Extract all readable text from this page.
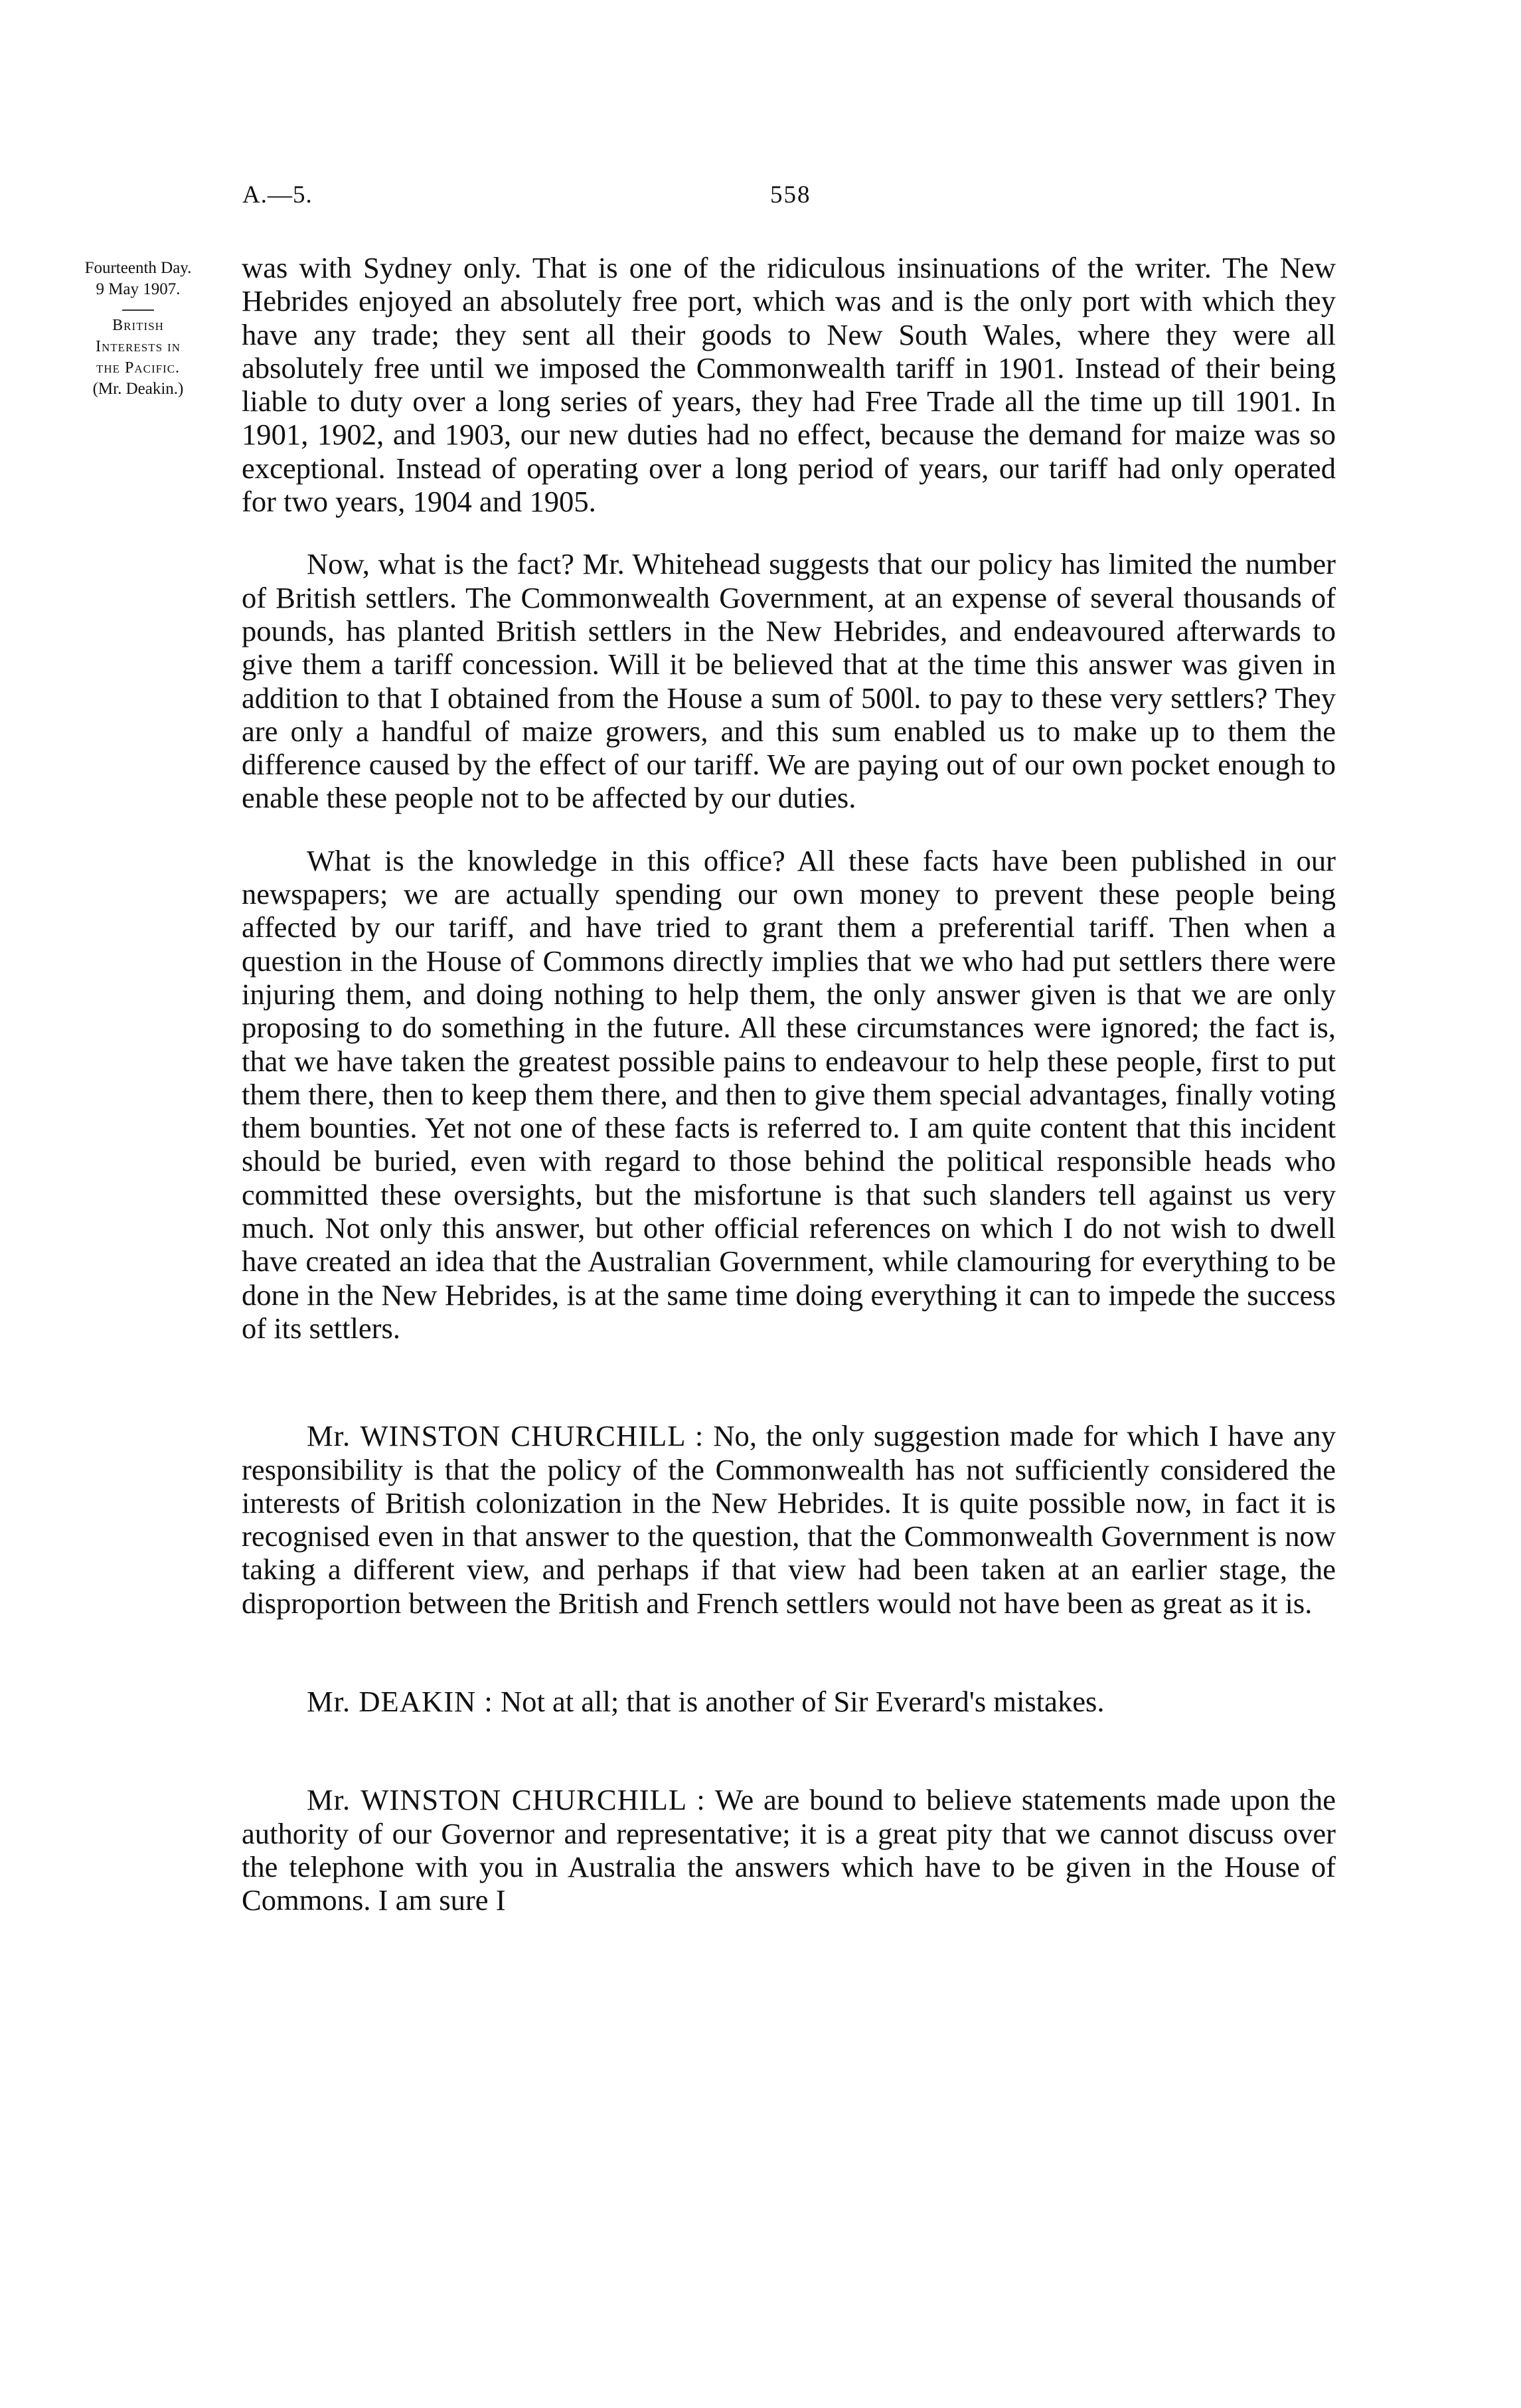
A.—5.	558
Fourteenth Day.
9 May 1907.
British
Interests in
the Pacific.
(Mr. Deakin.)

was with Sydney only. That is one of the ridiculous insinuations of the writer. The New Hebrides enjoyed an absolutely free port, which was and is the only port with which they have any trade; they sent all their goods to New South Wales, where they were all absolutely free until we imposed the Commonwealth tariff in 1901. Instead of their being liable to duty over a long series of years, they had Free Trade all the time up till 1901. In 1901, 1902, and 1903, our new duties had no effect, because the demand for maize was so exceptional. Instead of operating over a long period of years, our tariff had only operated for two years, 1904 and 1905.

Now, what is the fact? Mr. Whitehead suggests that our policy has limited the number of British settlers. The Commonwealth Government, at an expense of several thousands of pounds, has planted British settlers in the New Hebrides, and endeavoured afterwards to give them a tariff concession. Will it be believed that at the time this answer was given in addition to that I obtained from the House a sum of 500l. to pay to these very settlers? They are only a handful of maize growers, and this sum enabled us to make up to them the difference caused by the effect of our tariff. We are paying out of our own pocket enough to enable these people not to be affected by our duties.

What is the knowledge in this office? All these facts have been published in our newspapers; we are actually spending our own money to prevent these people being affected by our tariff, and have tried to grant them a preferential tariff. Then when a question in the House of Commons directly implies that we who had put settlers there were injuring them, and doing nothing to help them, the only answer given is that we are only proposing to do something in the future. All these circumstances were ignored; the fact is, that we have taken the greatest possible pains to endeavour to help these people, first to put them there, then to keep them there, and then to give them special advantages, finally voting them bounties. Yet not one of these facts is referred to. I am quite content that this incident should be buried, even with regard to those behind the political responsible heads who committed these oversights, but the misfortune is that such slanders tell against us very much. Not only this answer, but other official references on which I do not wish to dwell have created an idea that the Australian Government, while clamouring for everything to be done in the New Hebrides, is at the same time doing everything it can to impede the success of its settlers.

Mr. WINSTON CHURCHILL : No, the only suggestion made for which I have any responsibility is that the policy of the Commonwealth has not sufficiently considered the interests of British colonization in the New Hebrides. It is quite possible now, in fact it is recognised even in that answer to the question, that the Commonwealth Government is now taking a different view, and perhaps if that view had been taken at an earlier stage, the disproportion between the British and French settlers would not have been as great as it is.

Mr. DEAKIN : Not at all; that is another of Sir Everard's mistakes.

Mr. WINSTON CHURCHILL : We are bound to believe statements made upon the authority of our Governor and representative; it is a great pity that we cannot discuss over the telephone with you in Australia the answers which have to be given in the House of Commons. I am sure I
